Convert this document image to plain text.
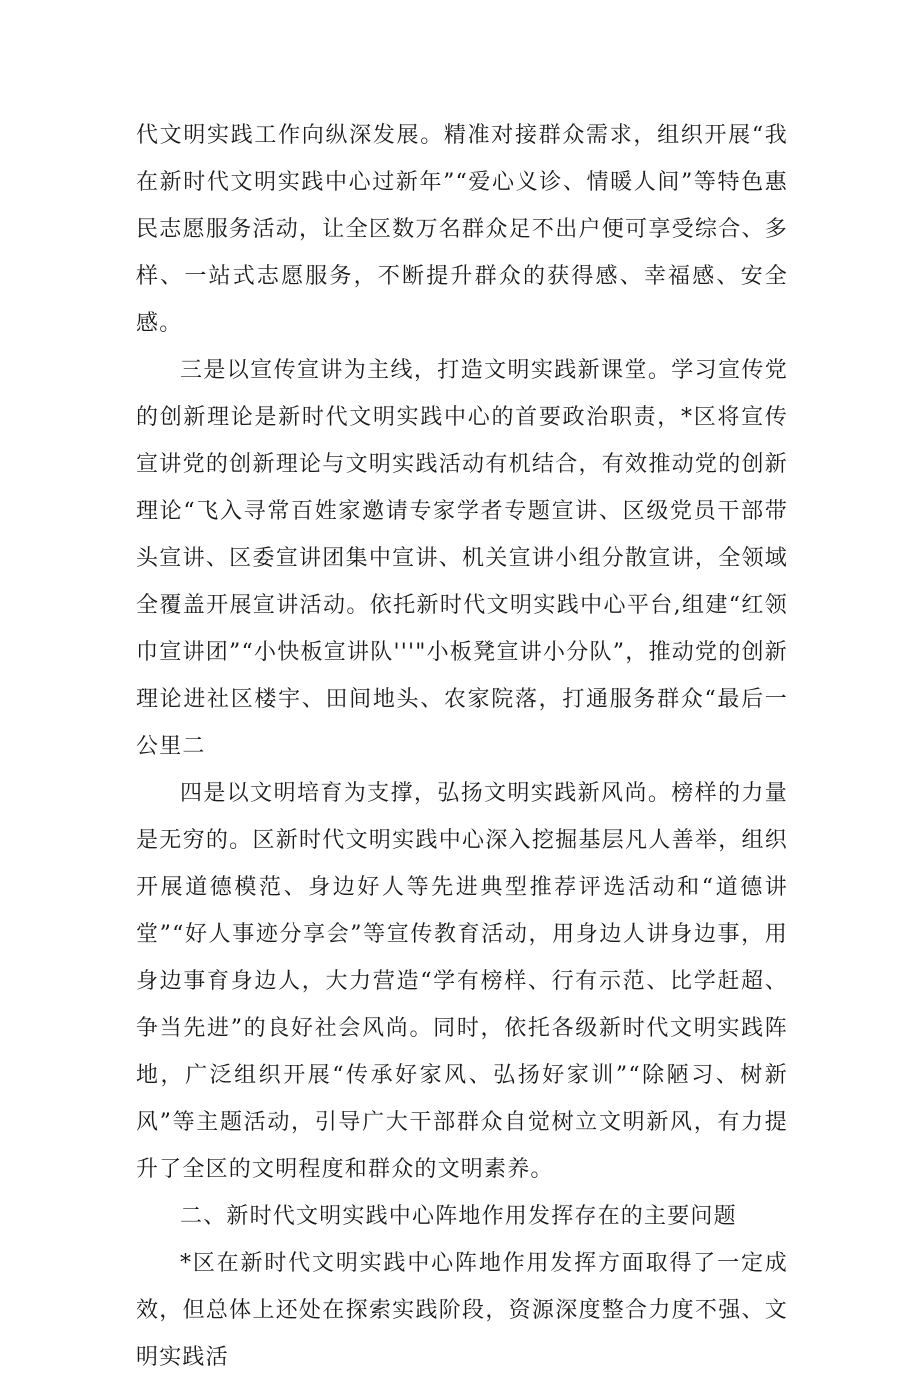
代文明实践工作向纵深发展。精准对接群众需求，组织开展“我在新时代文明实践中心过新年”“爱心义诊、情暖人间”等特色惠民志愿服务活动，让全区数万名群众足不出户便可享受综合、多样、一站式志愿服务，不断提升群众的获得感、幸福感、安全感。

三是以宣传宣讲为主线，打造文明实践新课堂。学习宣传党的创新理论是新时代文明实践中心的首要政治职责，*区将宣传宣讲党的创新理论与文明实践活动有机结合，有效推动党的创新理论“飞入寻常百姓家邀请专家学者专题宣讲、区级党员干部带头宣讲、区委宣讲团集中宣讲、机关宣讲小组分散宣讲，全领域全覆盖开展宣讲活动。依托新时代文明实践中心平台,组建“红领巾宣讲团”“小快板宣讲队'''"小板凳宣讲小分队”，推动党的创新理论进社区楼宇、田间地头、农家院落，打通服务群众“最后一公里二

四是以文明培育为支撑，弘扬文明实践新风尚。榜样的力量是无穷的。区新时代文明实践中心深入挖掘基层凡人善举，组织开展道德模范、身边好人等先进典型推荐评选活动和“道德讲堂”“好人事迹分享会”等宣传教育活动，用身边人讲身边事，用身边事育身边人，大力营造“学有榜样、行有示范、比学赶超、争当先进”的良好社会风尚。同时，依托各级新时代文明实践阵地，广泛组织开展“传承好家风、弘扬好家训”“除陋习、树新风”等主题活动，引导广大干部群众自觉树立文明新风，有力提升了全区的文明程度和群众的文明素养。

二、新时代文明实践中心阵地作用发挥存在的主要问题

*区在新时代文明实践中心阵地作用发挥方面取得了一定成效，但总体上还处在探索实践阶段，资源深度整合力度不强、文明实践活
